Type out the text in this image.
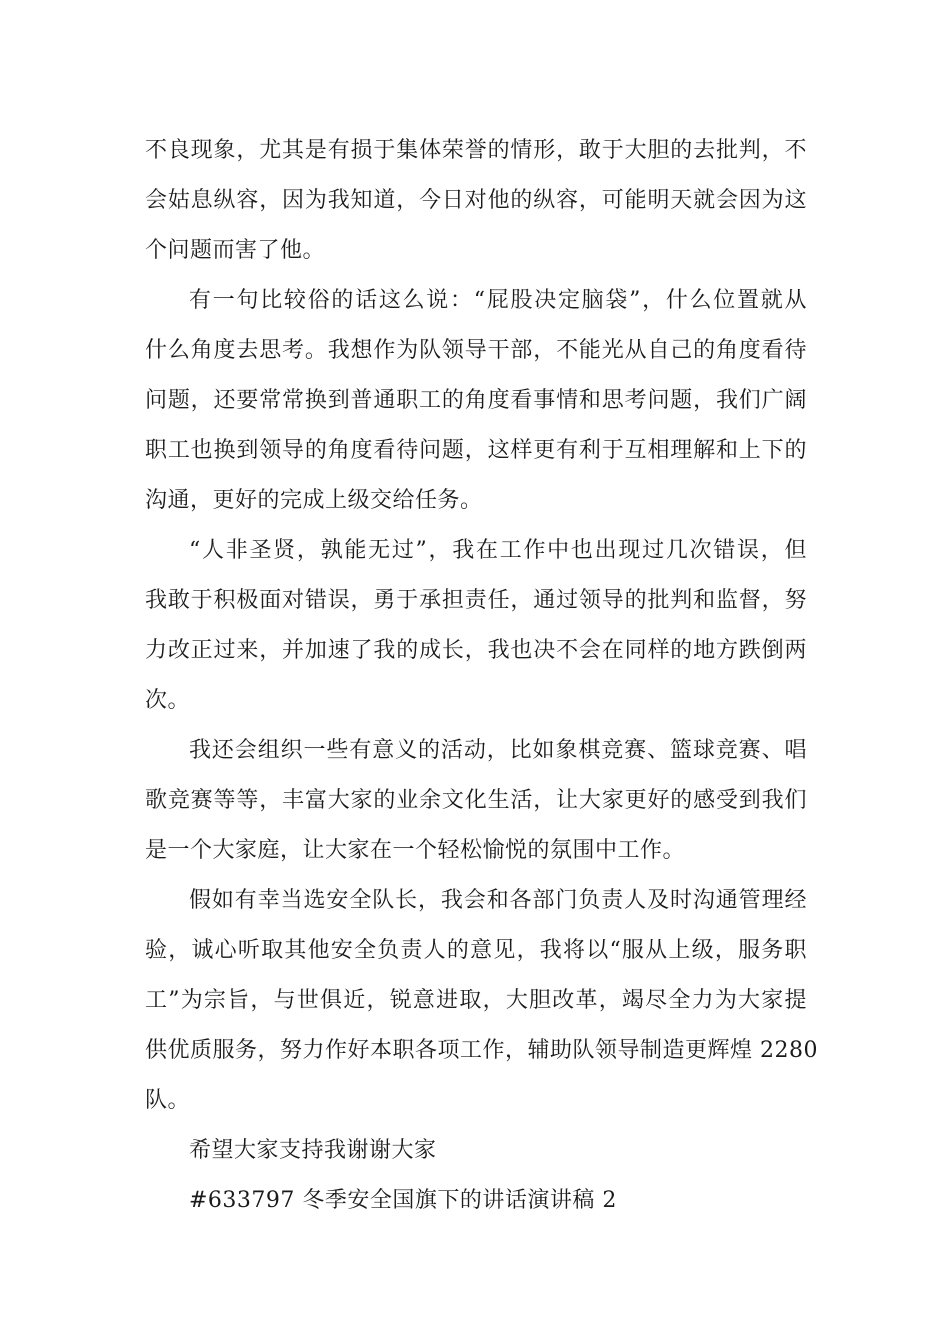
不良现象，尤其是有损于集体荣誉的情形，敢于大胆的去批判，不
会姑息纵容，因为我知道，今日对他的纵容，可能明天就会因为这
个问题而害了他。

有一句比较俗的话这么说：“屁股决定脑袋”，什么位置就从
什么角度去思考。我想作为队领导干部，不能光从自己的角度看待
问题，还要常常换到普通职工的角度看事情和思考问题，我们广阔
职工也换到领导的角度看待问题，这样更有利于互相理解和上下的
沟通，更好的完成上级交给任务。

“人非圣贤，孰能无过”，我在工作中也出现过几次错误，但
我敢于积极面对错误，勇于承担责任，通过领导的批判和监督，努
力改正过来，并加速了我的成长，我也决不会在同样的地方跌倒两
次。

我还会组织一些有意义的活动，比如象棋竞赛、篮球竞赛、唱
歌竞赛等等，丰富大家的业余文化生活，让大家更好的感受到我们
是一个大家庭，让大家在一个轻松愉悦的氛围中工作。

假如有幸当选安全队长，我会和各部门负责人及时沟通管理经
验，诚心听取其他安全负责人的意见，我将以“服从上级，服务职
工”为宗旨，与世俱近，锐意进取，大胆改革，竭尽全力为大家提
供优质服务，努力作好本职各项工作，辅助队领导制造更辉煌 2280
队。

希望大家支持我谢谢大家

#633797 冬季安全国旗下的讲话演讲稿 2
